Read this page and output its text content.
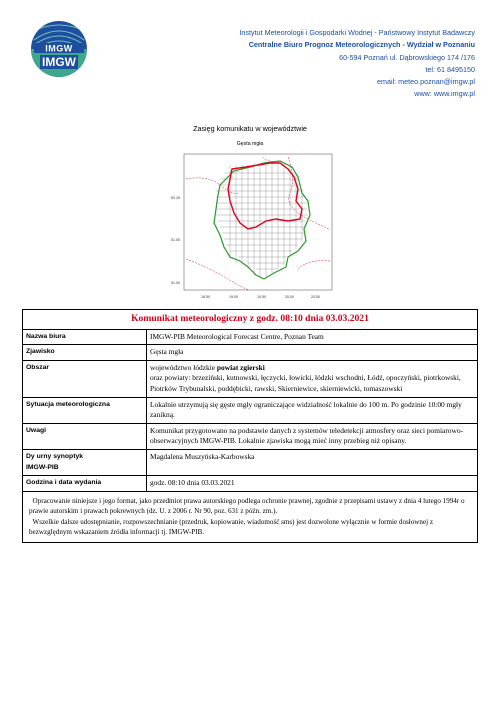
IMGW
IMGW
Instytut Meteorologii i Gospodarki Wodnej - Państwowy Instytut Badawczy
Centralne Biuro Prognoz Meteorologicznych - Wydział w Poznaniu
60-594 Poznań ul. Dąbrowskiego 174 /176
tel: 61 8495150
email: meteo.poznan@imgw.pl
www: www.imgw.pl
Zasięg komunikatu w województwie
Gęsta mgła
52.25
51.50
51.00
18.50	19.00	19.50	20.00	20.50
Komunikat meteorologiczny z godz. 08:10 dnia 03.03.2021	
Nazwa biura	IMGW-PIB Meteorological Forecast Centre, Poznan Team
Zjawisko	Gęsta mgła
Obszar	województwo łódzkie powiat zgierski
oraz powiaty: brzeziński, kutnowski, łęczycki, łowicki, łódzki wschodni, Łódź, opoczyński, piotrkowski, Piotrków Trybunalski, poddębicki, rawski, Skierniewice, skierniewicki, tomaszowski

Sytuacja meteorologiczna	Lokalnie utrzymują się gęste mgły ograniczające widzialność lokalnie do 100 m. Po godzinie 10:00 mgły zanikną.
Uwagi	Komunikat przygotowano na podstawie danych z systemów teledetekcji atmosfery oraz sieci pomiarowo-obserwacyjnych IMGW-PIB. Lokalnie zjawiska mogą mieć inny przebieg niż opisany.

Dy urny synoptyk
IMGW-PIB	Magdalena Muszyńska-Karbowska
Godzina i data wydania	godz. 08:10 dnia 03.03.2021
Opracowanie niniejsze i jego format, jako przedmiot prawa autorskiego podlega ochronie prawnej, zgodnie z przepisami ustawy z dnia 4 lutego 1994r o prawie autorskim i prawach pokrewnych (dz. U. z 2006 r. Nr 90, poz. 631 z późn. zm.).
Wszelkie dalsze udostępnianie, rozpowszechnianie (przedruk, kopiowanie, wiadomość sms) jest dozwolone wyłącznie w formie dosłownej z bezwzględnym wskazaniem źródła informacji tj. IMGW-PIB.	
